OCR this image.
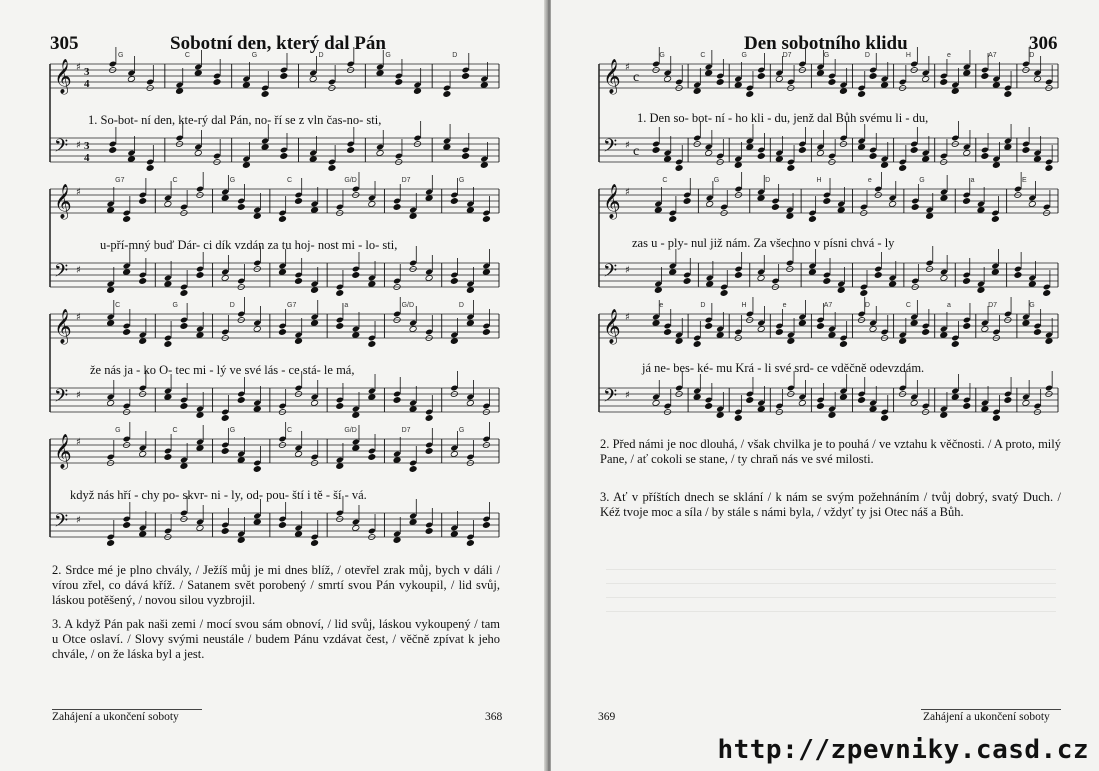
305	Sobotní den, který dal Pán
𝄞 ♯ 3
4
𝄢 ♯ 3
4
G	C	G	D	G	D
1. So-bot- ní den, kte-rý dal Pán, no- ří se z vln čas-no- sti,
𝄞 ♯
𝄢 ♯
G7	C	G	C	G/D	D7	G
u-pří-mný buď Dár- ci dík vzdán za tu hoj- nost mi - lo- sti,
𝄞 ♯
𝄢 ♯
C	G	D	G7	a	G/D	D
že nás ja - ko O- tec mi - lý ve své lás - ce stá- le má,
𝄞 ♯
𝄢 ♯
G	C	G	C	G/D	D7	G
když nás hří - chy po- skvr- ni - ly, od- pou- ští i tě - ší - vá.
2. Srdce mé je plno chvály, / Ježíš můj je mi dnes blíž, / otevřel zrak můj, bych v dáli / vírou zřel, co dává kříž. / Satanem svět porobený / smrtí svou Pán vykoupil, / lid svůj, láskou potěšený, / novou silou vyzbrojil.
3. A když Pán pak naši zemi / mocí svou sám obnoví, / lid svůj, láskou vykoupený / tam u Otce oslaví. / Slovy svými neustále / budem Pánu vzdávat čest, / věčně zpívat k jeho chvále, / on že láska byl a jest.
Zahájení a ukončení soboty	368
Den sobotního klidu	306
𝄞 ♯
c
𝄢 ♯ c
G	C	G	D7	G	D	H	e	A7	D
1. Den so- bot- ní - ho kli - du, jenž dal Bůh svému li - du,
𝄞 ♯
𝄢 ♯
C	G	D	H	e	G	a	E
zas u - ply- nul již nám. Za všechno v písni chvá - ly
𝄞 ♯
𝄢 ♯
e	D	H	e	A7	D	C	a	D7	G
já ne- bes- ké- mu Krá - li své srd- ce vděčně odevzdám.
2. Před námi je noc dlouhá, / však chvilka je to pouhá / ve vztahu k věčnosti. / A proto, milý Pane, / ať cokoli se stane, / ty chraň nás ve své milosti.
3. Ať v příštích dnech se sklání / k nám se svým požehnáním / tvůj dobrý, svatý Duch. / Kéž tvoje moc a síla / by stále s námi byla, / vždyť ty jsi Otec náš a Bůh.
369	Zahájení a ukončení soboty
http://zpevniky.casd.cz
